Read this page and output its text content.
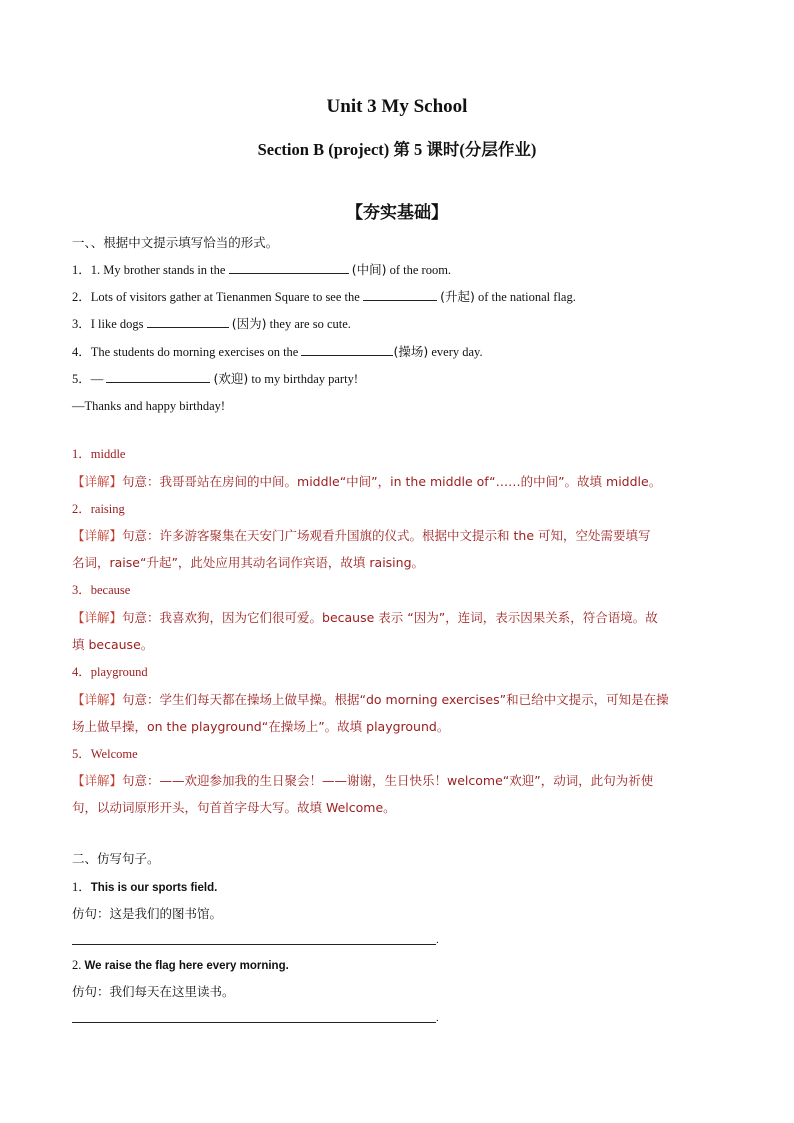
Unit 3 My School
Section B (project) 第 5 课时(分层作业)
【夯实基础】
一、、根据中文提示填写恰当的形式。
1．1. My brother stands in the	(中间) of the room.
2．Lots of visitors gather at Tienanmen Square to see the	(升起) of the national flag.
3．I like dogs	(因为) they are so cute.
4．The students do morning exercises on the	(操场) every day.
5．—	(欢迎) to my birthday party!
—Thanks and happy birthday!
1．middle
【详解】句意：我哥哥站在房间的中间。middle“中间”，in the middle of“……的中间”。故填 middle。
2．raising
【详解】句意：许多游客聚集在天安门广场观看升国旗的仪式。根据中文提示和 the 可知，空处需要填写
名词，raise“升起”，此处应用其动名词作宾语，故填 raising。
3．because
【详解】句意：我喜欢狗，因为它们很可爱。because 表示 “因为”，连词，表示因果关系，符合语境。故
填 because。
4．playground
【详解】句意：学生们每天都在操场上做早操。根据“do morning exercises”和已给中文提示，可知是在操
场上做早操，on the playground“在操场上”。故填 playground。
5．Welcome
【详解】句意：——欢迎参加我的生日聚会！——谢谢，生日快乐！welcome“欢迎”，动词，此句为祈使
句，以动词原形开头，句首首字母大写。故填 Welcome。
二、仿写句子。
1．This is our sports field.
仿句：这是我们的图书馆。
.
2. We raise the flag here every morning.
仿句：我们每天在这里读书。
.
